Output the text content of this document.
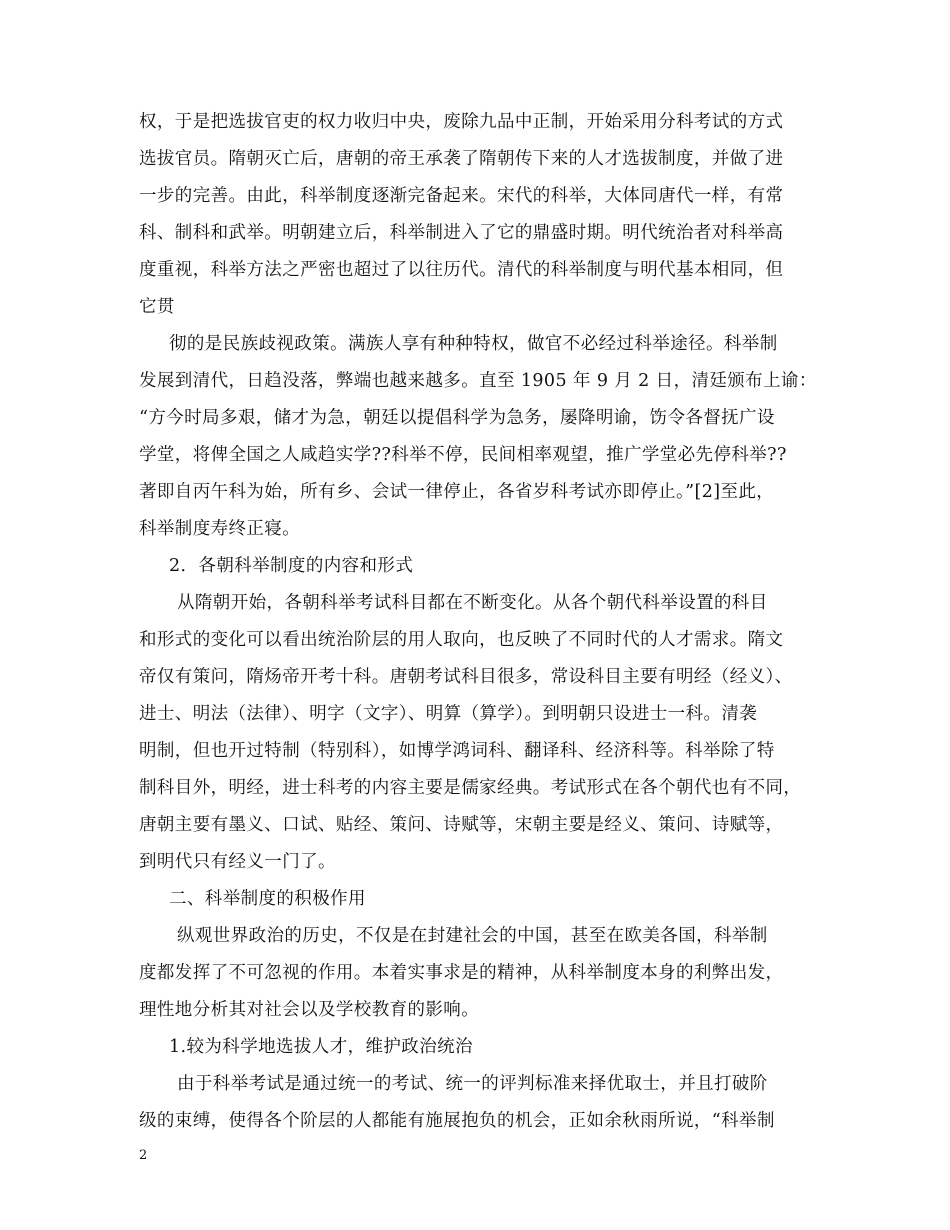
权，于是把选拔官吏的权力收归中央，废除九品中正制，开始采用分科考试的方式
选拔官员。隋朝灭亡后，唐朝的帝王承袭了隋朝传下来的人才选拔制度，并做了进
一步的完善。由此，科举制度逐渐完备起来。宋代的科举，大体同唐代一样，有常
科、制科和武举。明朝建立后，科举制进入了它的鼎盛时期。明代统治者对科举高
度重视，科举方法之严密也超过了以往历代。清代的科举制度与明代基本相同，但
它贯
彻的是民族歧视政策。满族人享有种种特权，做官不必经过科举途径。科举制
发展到清代，日趋没落，弊端也越来越多。直至 1905 年 9 月 2 日，清廷颁布上谕：
“方今时局多艰，储才为急，朝廷以提倡科学为急务，屡降明谕，饬令各督抚广设
学堂，将俾全国之人咸趋实学??科举不停，民间相率观望，推广学堂必先停科举??
著即自丙午科为始，所有乡、会试一律停止，各省岁科考试亦即停止。”[2]至此，
科举制度寿终正寝。
2．各朝科举制度的内容和形式
从隋朝开始，各朝科举考试科目都在不断变化。从各个朝代科举设置的科目
和形式的变化可以看出统治阶层的用人取向，也反映了不同时代的人才需求。隋文
帝仅有策问，隋炀帝开考十科。唐朝考试科目很多，常设科目主要有明经（经义）、
进士、明法（法律）、明字（文字）、明算（算学）。到明朝只设进士一科。清袭
明制，但也开过特制（特别科），如博学鸿词科、翻译科、经济科等。科举除了特
制科目外，明经，进士科考的内容主要是儒家经典。考试形式在各个朝代也有不同，
唐朝主要有墨义、口试、贴经、策问、诗赋等，宋朝主要是经义、策问、诗赋等，
到明代只有经义一门了。
二、科举制度的积极作用
纵观世界政治的历史，不仅是在封建社会的中国，甚至在欧美各国，科举制
度都发挥了不可忽视的作用。本着实事求是的精神，从科举制度本身的利弊出发，
理性地分析其对社会以及学校教育的影响。
1.较为科学地选拔人才，维护政治统治
由于科举考试是通过统一的考试、统一的评判标准来择优取士，并且打破阶
级的束缚，使得各个阶层的人都能有施展抱负的机会，正如余秋雨所说，“科举制
2
